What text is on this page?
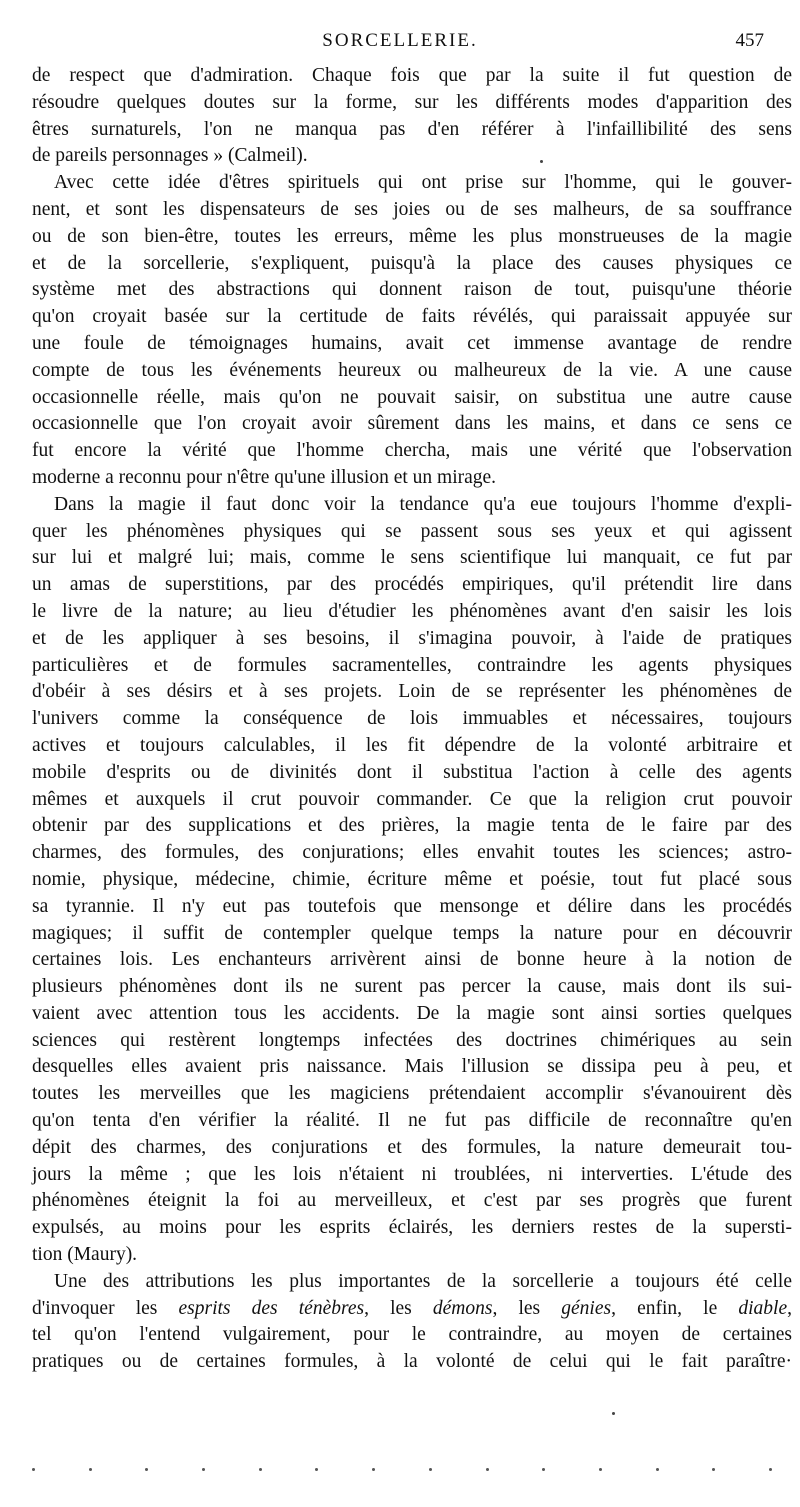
SORCELLERIE.	457
de respect que d'admiration. Chaque fois que par la suite il fut question de
résoudre quelques doutes sur la forme, sur les différents modes d'apparition des
êtres surnaturels, l'on ne manqua pas d'en référer à l'infaillibilité des sens
de pareils personnages » (Calmeil).
Avec cette idée d'êtres spirituels qui ont prise sur l'homme, qui le gouver-
nent, et sont les dispensateurs de ses joies ou de ses malheurs, de sa souffrance
ou de son bien-être, toutes les erreurs, même les plus monstrueuses de la magie
et de la sorcellerie, s'expliquent, puisqu'à la place des causes physiques ce
système met des abstractions qui donnent raison de tout, puisqu'une théorie
qu'on croyait basée sur la certitude de faits révélés, qui paraissait appuyée sur
une foule de témoignages humains, avait cet immense avantage de rendre
compte de tous les événements heureux ou malheureux de la vie. A une cause
occasionnelle réelle, mais qu'on ne pouvait saisir, on substitua une autre cause
occasionnelle que l'on croyait avoir sûrement dans les mains, et dans ce sens ce
fut encore la vérité que l'homme chercha, mais une vérité que l'observation
moderne a reconnu pour n'être qu'une illusion et un mirage.
Dans la magie il faut donc voir la tendance qu'a eue toujours l'homme d'expli-
quer les phénomènes physiques qui se passent sous ses yeux et qui agissent
sur lui et malgré lui; mais, comme le sens scientifique lui manquait, ce fut par
un amas de superstitions, par des procédés empiriques, qu'il prétendit lire dans
le livre de la nature; au lieu d'étudier les phénomènes avant d'en saisir les lois
et de les appliquer à ses besoins, il s'imagina pouvoir, à l'aide de pratiques
particulières et de formules sacramentelles, contraindre les agents physiques
d'obéir à ses désirs et à ses projets. Loin de se représenter les phénomènes de
l'univers comme la conséquence de lois immuables et nécessaires, toujours
actives et toujours calculables, il les fit dépendre de la volonté arbitraire et
mobile d'esprits ou de divinités dont il substitua l'action à celle des agents
mêmes et auxquels il crut pouvoir commander. Ce que la religion crut pouvoir
obtenir par des supplications et des prières, la magie tenta de le faire par des
charmes, des formules, des conjurations; elles envahit toutes les sciences; astro-
nomie, physique, médecine, chimie, écriture même et poésie, tout fut placé sous
sa tyrannie. Il n'y eut pas toutefois que mensonge et délire dans les procédés
magiques; il suffit de contempler quelque temps la nature pour en découvrir
certaines lois. Les enchanteurs arrivèrent ainsi de bonne heure à la notion de
plusieurs phénomènes dont ils ne surent pas percer la cause, mais dont ils sui-
vaient avec attention tous les accidents. De la magie sont ainsi sorties quelques
sciences qui restèrent longtemps infectées des doctrines chimériques au sein
desquelles elles avaient pris naissance. Mais l'illusion se dissipa peu à peu, et
toutes les merveilles que les magiciens prétendaient accomplir s'évanouirent dès
qu'on tenta d'en vérifier la réalité. Il ne fut pas difficile de reconnaître qu'en
dépit des charmes, des conjurations et des formules, la nature demeurait tou-
jours la même ; que les lois n'étaient ni troublées, ni interverties. L'étude des
phénomènes éteignit la foi au merveilleux, et c'est par ses progrès que furent
expulsés, au moins pour les esprits éclairés, les derniers restes de la supersti-
tion (Maury).
Une des attributions les plus importantes de la sorcellerie a toujours été celle
d'invoquer les esprits des ténèbres, les démons, les génies, enfin, le diable,
tel qu'on l'entend vulgairement, pour le contraindre, au moyen de certaines
pratiques ou de certaines formules, à la volonté de celui qui le fait paraître·
